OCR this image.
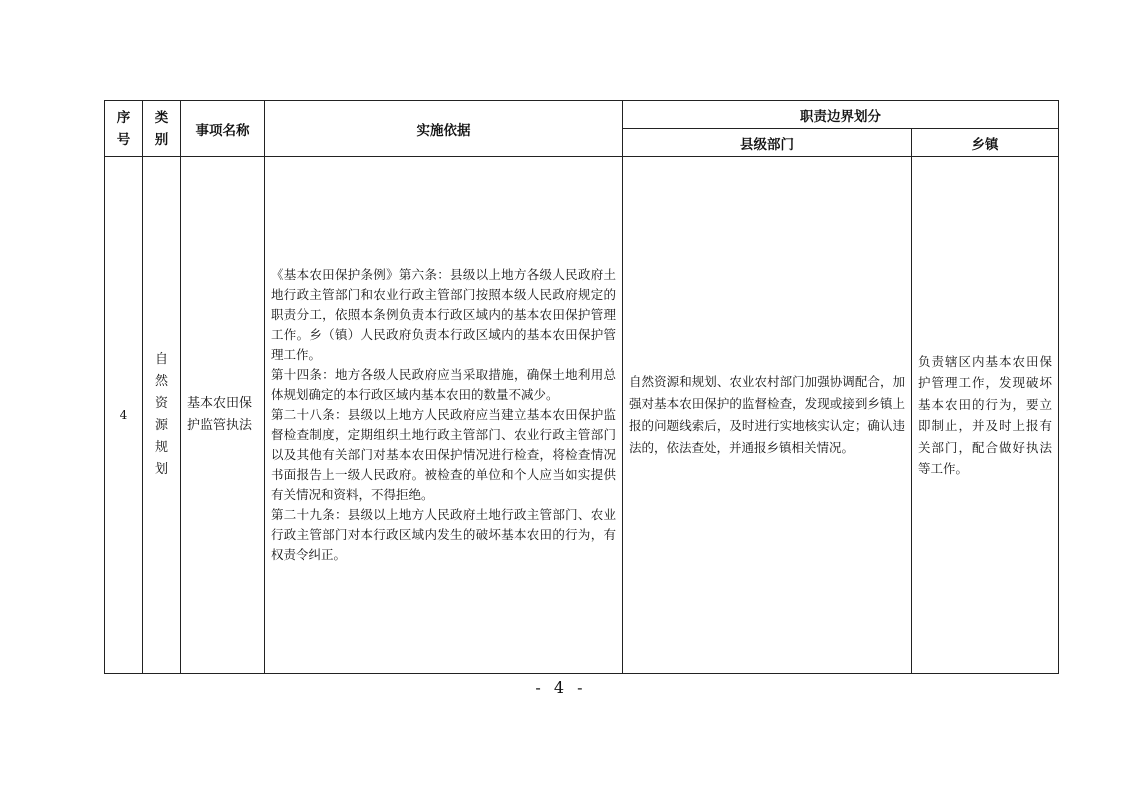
序号	类别	事项名称	实施依据	职责边界划分	
				县级部门	乡镇
4	自然资源规划	基本农田保护监管执法	《基本农田保护条例》第六条：县级以上地方各级人民政府土地行政主管部门和农业行政主管部门按照本级人民政府规定的职责分工，依照本条例负责本行政区域内的基本农田保护管理工作。乡（镇）人民政府负责本行政区域内的基本农田保护管理工作。

第十四条：地方各级人民政府应当采取措施，确保土地利用总体规划确定的本行政区域内基本农田的数量不减少。

第二十八条：县级以上地方人民政府应当建立基本农田保护监督检查制度，定期组织土地行政主管部门、农业行政主管部门以及其他有关部门对基本农田保护情况进行检查，将检查情况书面报告上一级人民政府。被检查的单位和个人应当如实提供有关情况和资料，不得拒绝。

第二十九条：县级以上地方人民政府土地行政主管部门、农业行政主管部门对本行政区域内发生的破坏基本农田的行为，有权责令纠正。	自然资源和规划、农业农村部门加强协调配合，加强对基本农田保护的监督检查，发现或接到乡镇上报的问题线索后，及时进行实地核实认定；确认违法的，依法查处，并通报乡镇相关情况。	负责辖区内基本农田保护管理工作，发现破坏基本农田的行为，要立即制止，并及时上报有关部门，配合做好执法等工作。
- 4 -
